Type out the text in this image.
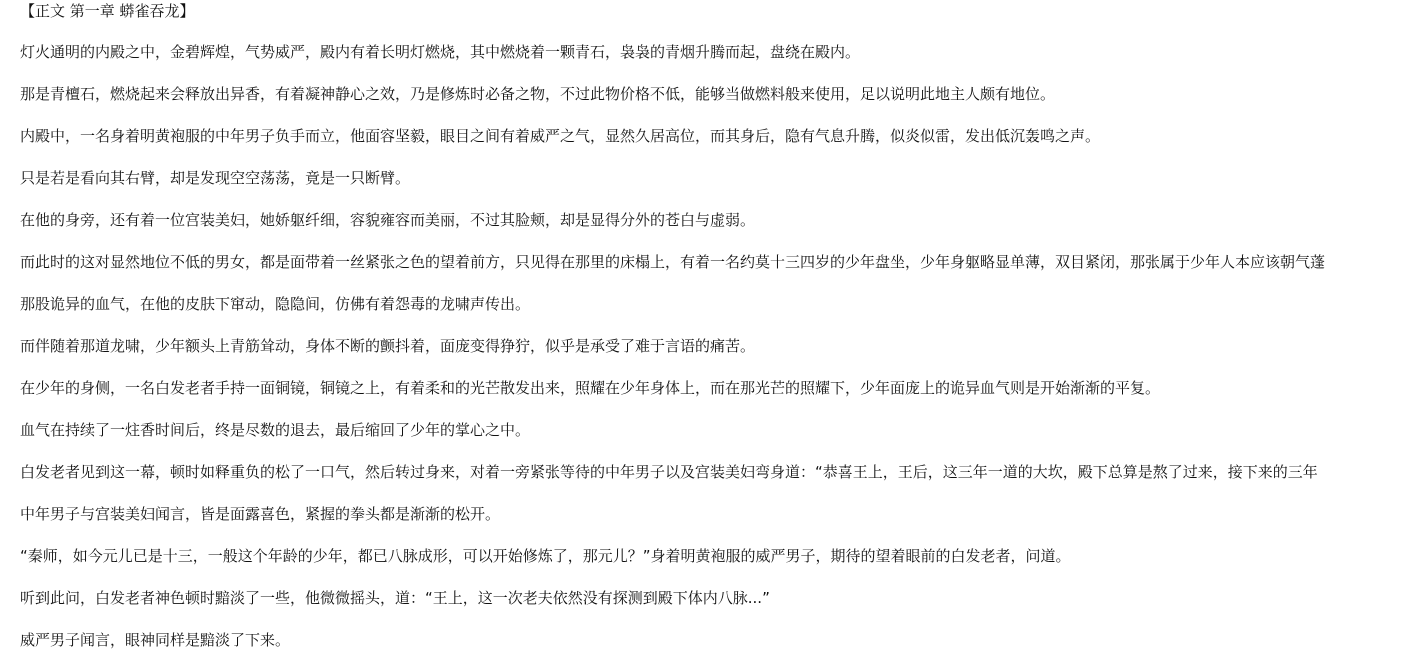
【正文 第一章 蟒雀吞龙】

灯火通明的内殿之中，金碧辉煌，气势威严，殿内有着长明灯燃烧，其中燃烧着一颗青石，袅袅的青烟升腾而起，盘绕在殿内。

那是青檀石，燃烧起来会释放出异香，有着凝神静心之效，乃是修炼时必备之物，不过此物价格不低，能够当做燃料般来使用，足以说明此地主人颇有地位。

内殿中，一名身着明黄袍服的中年男子负手而立，他面容坚毅，眼目之间有着威严之气，显然久居高位，而其身后，隐有气息升腾，似炎似雷，发出低沉轰鸣之声。

只是若是看向其右臂，却是发现空空荡荡，竟是一只断臂。

在他的身旁，还有着一位宫装美妇，她娇躯纤细，容貌雍容而美丽，不过其脸颊，却是显得分外的苍白与虚弱。

而此时的这对显然地位不低的男女，都是面带着一丝紧张之色的望着前方，只见得在那里的床榻上，有着一名约莫十三四岁的少年盘坐，少年身躯略显单薄，双目紧闭，那张属于少年人本应该朝气蓬

那股诡异的血气，在他的皮肤下窜动，隐隐间，仿佛有着怨毒的龙啸声传出。

而伴随着那道龙啸，少年额头上青筋耸动，身体不断的颤抖着，面庞变得狰狞，似乎是承受了难于言语的痛苦。

在少年的身侧，一名白发老者手持一面铜镜，铜镜之上，有着柔和的光芒散发出来，照耀在少年身体上，而在那光芒的照耀下，少年面庞上的诡异血气则是开始渐渐的平复。

血气在持续了一炷香时间后，终是尽数的退去，最后缩回了少年的掌心之中。

白发老者见到这一幕，顿时如释重负的松了一口气，然后转过身来，对着一旁紧张等待的中年男子以及宫装美妇弯身道：“恭喜王上，王后，这三年一道的大坎，殿下总算是熬了过来，接下来的三年

中年男子与宫装美妇闻言，皆是面露喜色，紧握的拳头都是渐渐的松开。

“秦师，如今元儿已是十三，一般这个年龄的少年，都已八脉成形，可以开始修炼了，那元儿？”身着明黄袍服的威严男子，期待的望着眼前的白发老者，问道。

听到此问，白发老者神色顿时黯淡了一些，他微微摇头，道：“王上，这一次老夫依然没有探测到殿下体内八脉...”

威严男子闻言，眼神同样是黯淡了下来。
